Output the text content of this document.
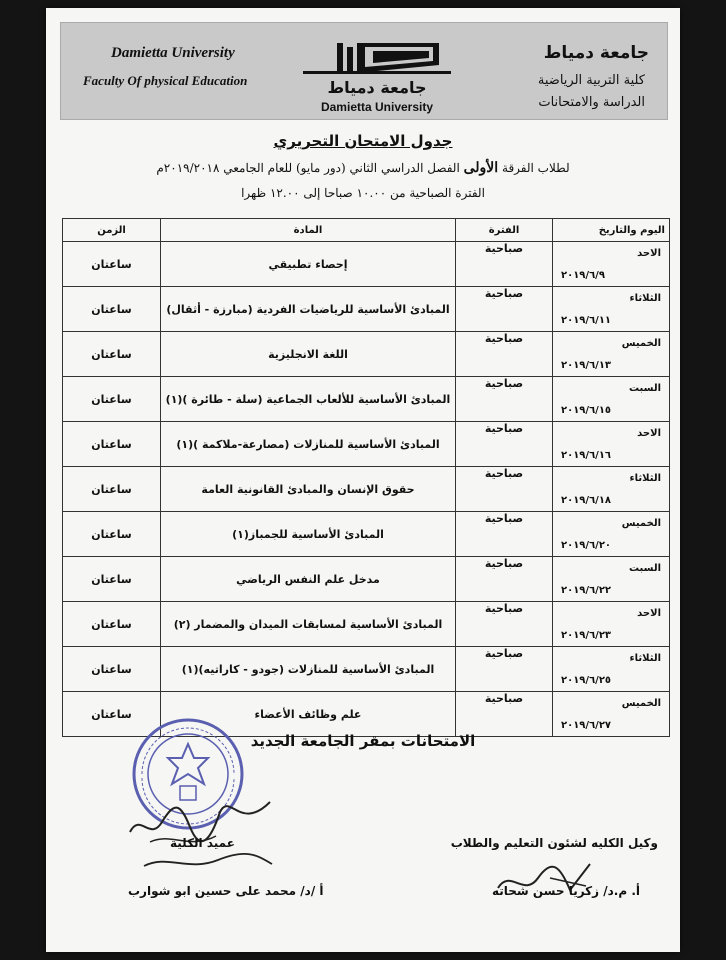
Damietta University
Faculty Of physical Education	جامعة دمياط
Damietta University
جامعة دمياط
كلية التربية الرياضية
الدراسة والامتحانات
جدول الامتحان التحريري
لطلاب الفرقة الأولى الفصل الدراسي الثاني (دور مايو) للعام الجامعي ٢٠١٩/٢٠١٨م
الفترة الصباحية من ١٠.٠٠ صباحا إلى ١٢.٠٠ ظهرا
اليوم والتاريخ	الفترة	المادة	الزمن

الاحد
٢٠١٩/٦/٩	صباحية	إحصاء تطبيقي	ساعتان

الثلاثاء
٢٠١٩/٦/١١	صباحية	المبادئ الأساسية للرياضيات الفردية (مبارزة - أثقال)	ساعتان

الخميس
٢٠١٩/٦/١٣	صباحية	اللغة الانجليزية	ساعتان

السبت
٢٠١٩/٦/١٥	صباحية	المبادئ الأساسية للألعاب الجماعية (سلة - طائرة )(١)	ساعتان

الاحد
٢٠١٩/٦/١٦	صباحية	المبادئ الأساسية للمنازلات (مصارعة-ملاكمة )(١)	ساعتان

الثلاثاء
٢٠١٩/٦/١٨	صباحية	حقوق الإنسان والمبادئ القانونية العامة	ساعتان

الخميس
٢٠١٩/٦/٢٠	صباحية	المبادئ الأساسية للجمباز(١)	ساعتان

السبت
٢٠١٩/٦/٢٢	صباحية	مدخل علم النفس الرياضي	ساعتان

الاحد
٢٠١٩/٦/٢٣	صباحية	المبادئ الأساسية لمسابقات الميدان والمضمار (٢)	ساعتان

الثلاثاء
٢٠١٩/٦/٢٥	صباحية	المبادئ الأساسية للمنازلات (جودو - كاراتيه)(١)	ساعتان

الخميس
٢٠١٩/٦/٢٧	صباحية	علم وظائف الأعضاء	ساعتان
الامتحانات بمقر الجامعة الجديد
عميد الكلية
أ /د/ محمد على حسين ابو شوارب
وكيل الكليه لشئون التعليم والطلاب
أ. م.د/ زكريا حسن شحاته
